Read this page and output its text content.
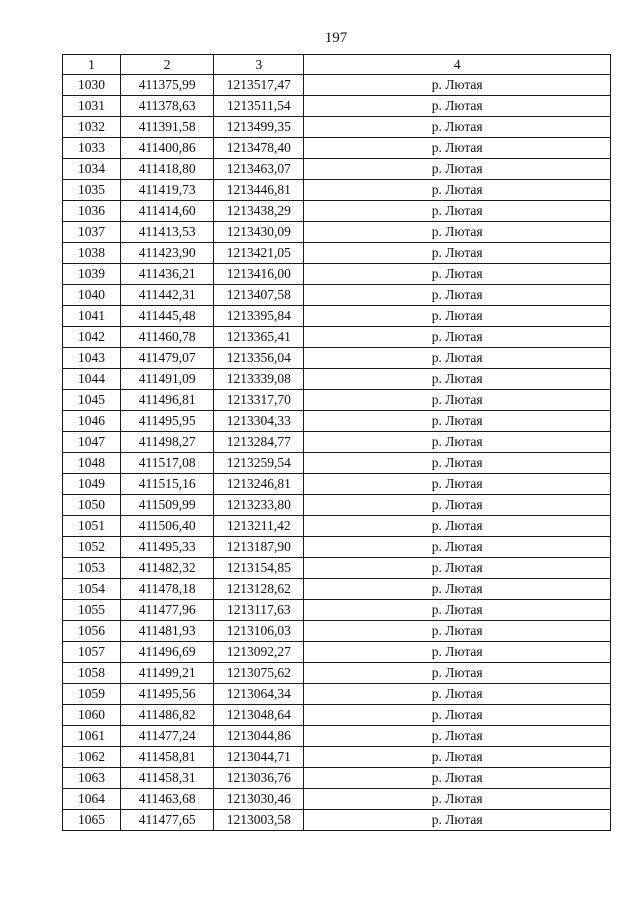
197
1	2	3	4
1030	411375,99	1213517,47	р. Лютая
1031	411378,63	1213511,54	р. Лютая
1032	411391,58	1213499,35	р. Лютая
1033	411400,86	1213478,40	р. Лютая
1034	411418,80	1213463,07	р. Лютая
1035	411419,73	1213446,81	р. Лютая
1036	411414,60	1213438,29	р. Лютая
1037	411413,53	1213430,09	р. Лютая
1038	411423,90	1213421,05	р. Лютая
1039	411436,21	1213416,00	р. Лютая
1040	411442,31	1213407,58	р. Лютая
1041	411445,48	1213395,84	р. Лютая
1042	411460,78	1213365,41	р. Лютая
1043	411479,07	1213356,04	р. Лютая
1044	411491,09	1213339,08	р. Лютая
1045	411496,81	1213317,70	р. Лютая
1046	411495,95	1213304,33	р. Лютая
1047	411498,27	1213284,77	р. Лютая
1048	411517,08	1213259,54	р. Лютая
1049	411515,16	1213246,81	р. Лютая
1050	411509,99	1213233,80	р. Лютая
1051	411506,40	1213211,42	р. Лютая
1052	411495,33	1213187,90	р. Лютая
1053	411482,32	1213154,85	р. Лютая
1054	411478,18	1213128,62	р. Лютая
1055	411477,96	1213117,63	р. Лютая
1056	411481,93	1213106,03	р. Лютая
1057	411496,69	1213092,27	р. Лютая
1058	411499,21	1213075,62	р. Лютая
1059	411495,56	1213064,34	р. Лютая
1060	411486,82	1213048,64	р. Лютая
1061	411477,24	1213044,86	р. Лютая
1062	411458,81	1213044,71	р. Лютая
1063	411458,31	1213036,76	р. Лютая
1064	411463,68	1213030,46	р. Лютая
1065	411477,65	1213003,58	р. Лютая
